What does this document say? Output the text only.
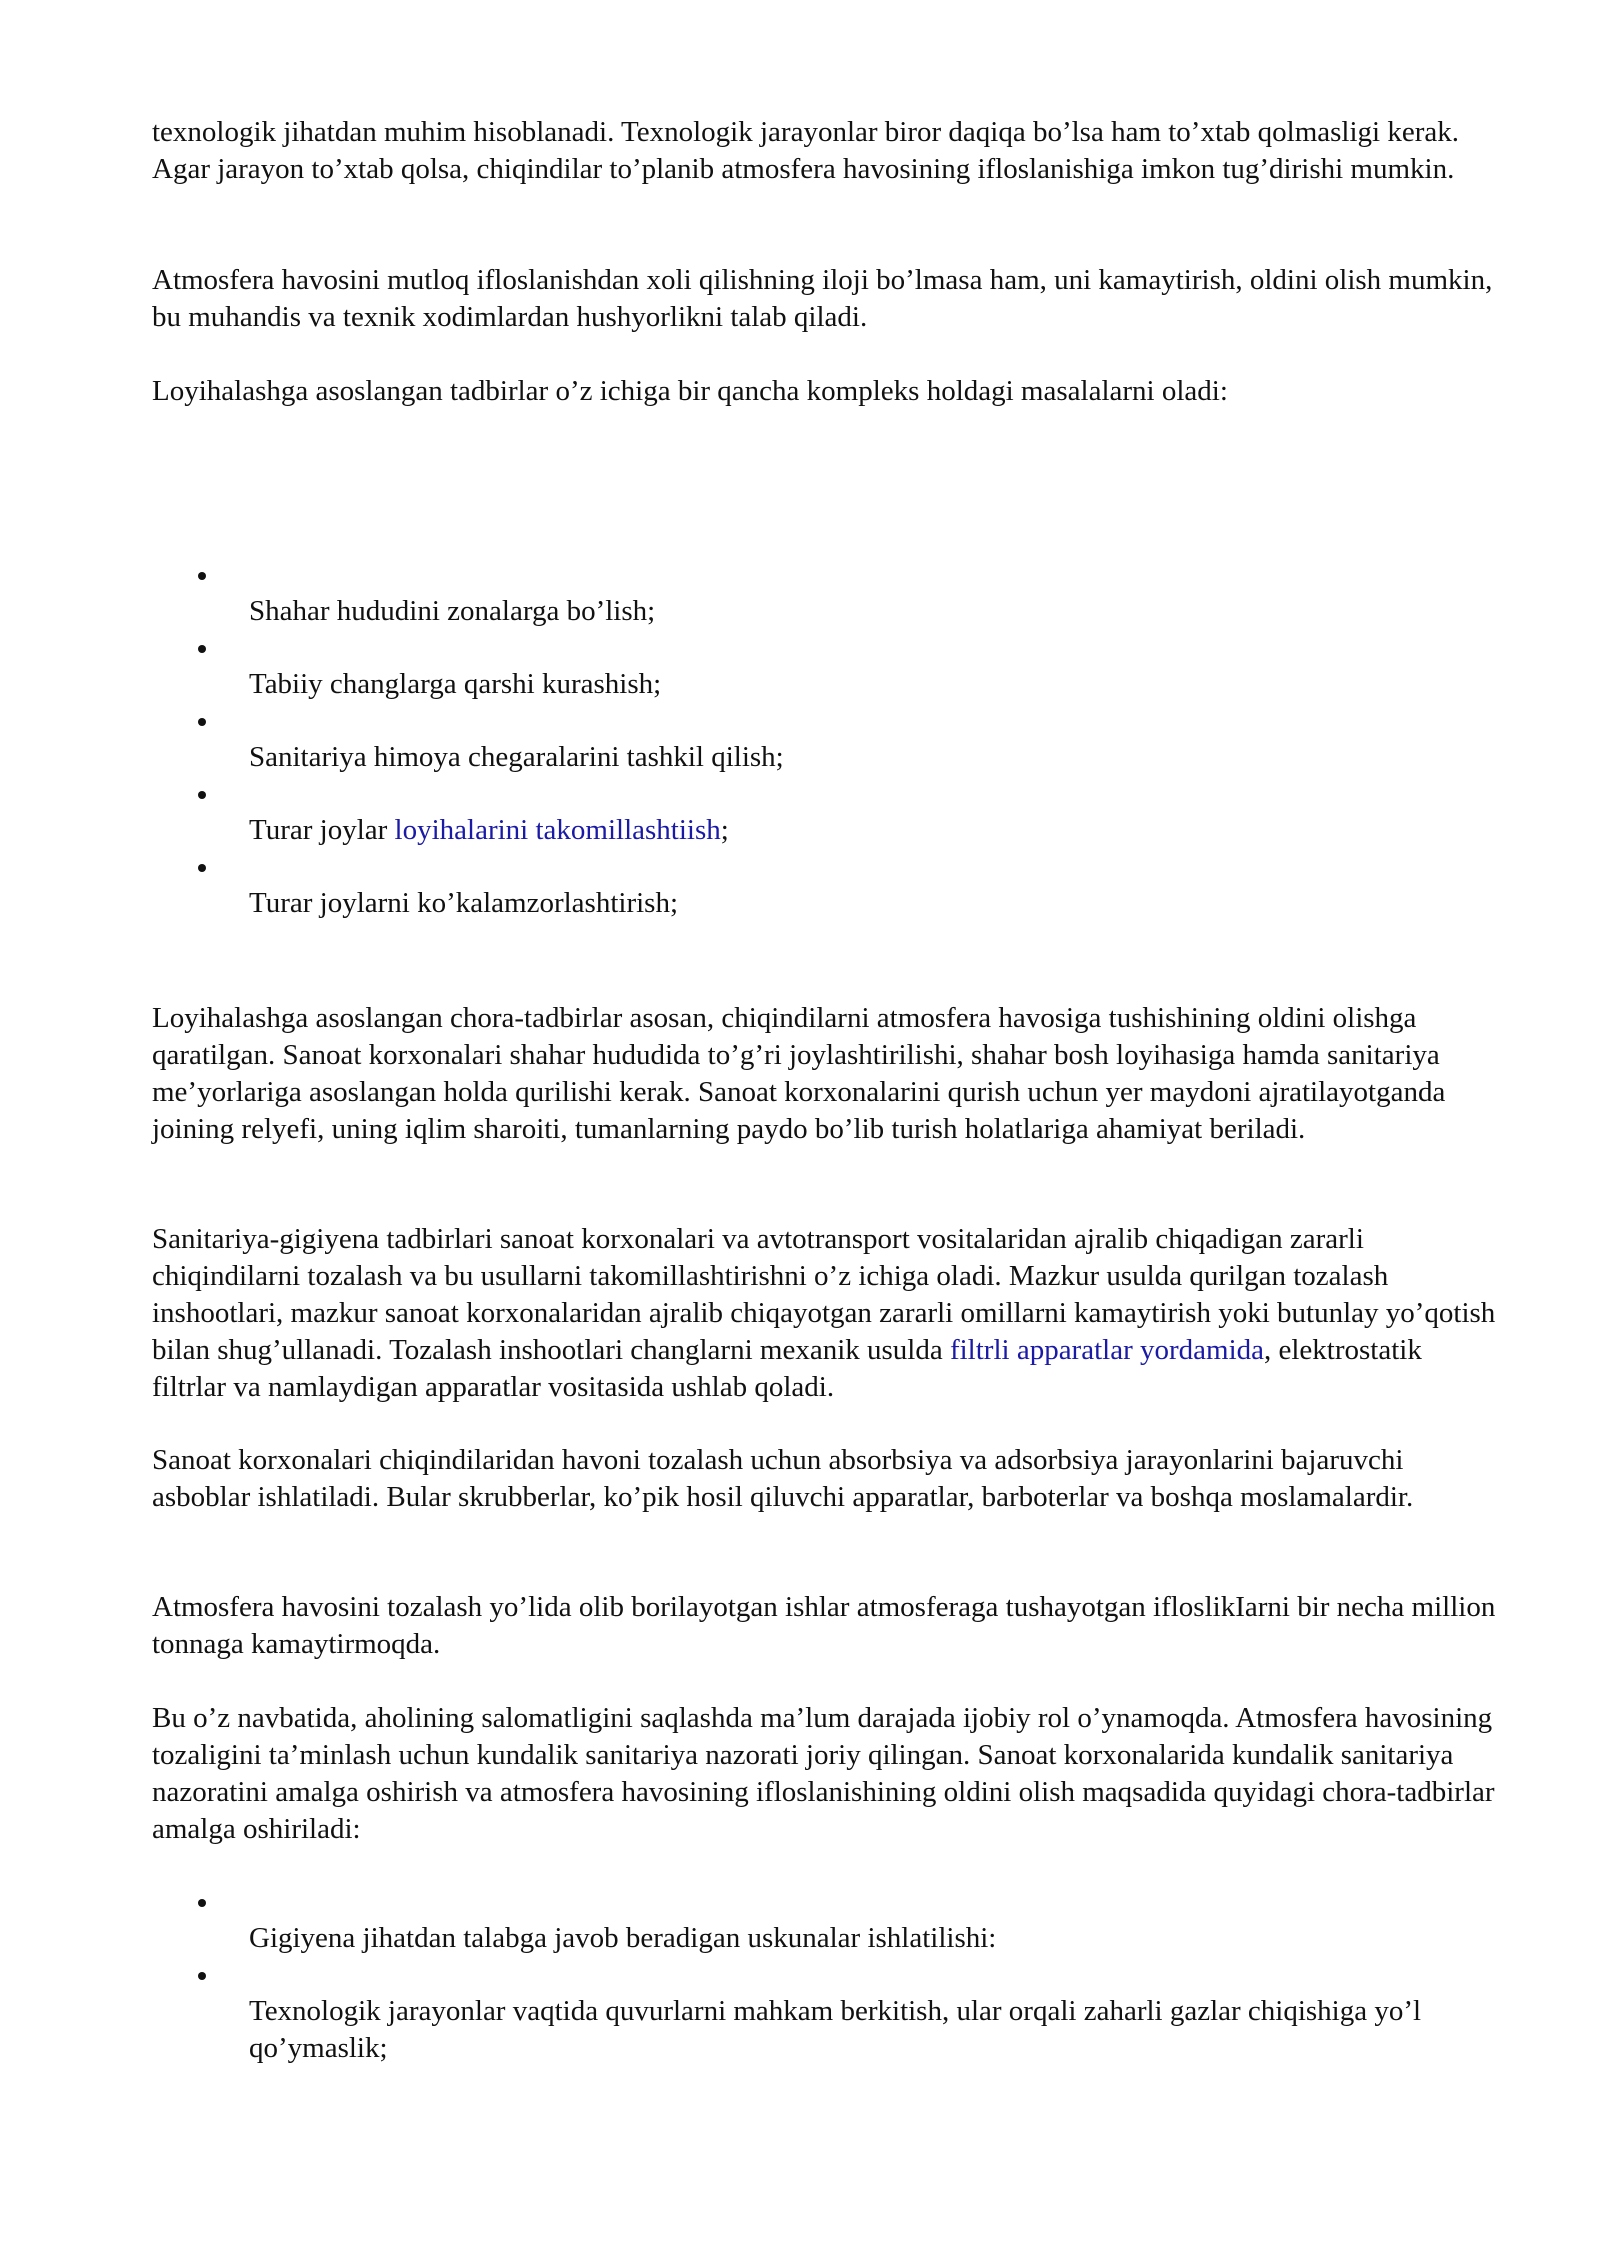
texnologik jihatdan muhim hisoblanadi. Texnologik jarayonlar biror daqiqa bo’lsa ham to’xtab qolmasligi kerak. Agar jarayon to’xtab qolsa, chiqindilar to’planib atmosfera havosining ifloslanishiga imkon tug’dirishi mumkin.

Atmosfera havosini mutloq ifloslanishdan xoli qilishning iloji bo’lmasa ham, uni kamaytirish, oldini olish mumkin, bu muhandis va texnik xodimlardan hushyorlikni talab qiladi.

Loyihalashga asoslangan tadbirlar o’z ichiga bir qancha kompleks holdagi masalalarni oladi:

Shahar hududini zonalarga bo’lish;

Tabiiy changlarga qarshi kurashish;

Sanitariya himoya chegaralarini tashkil qilish;

Turar joylar loyihalarini takomillashtiish;

Turar joylarni ko’kalamzorlashtirish;

Loyihalashga asoslangan chora-tadbirlar asosan, chiqindilarni atmosfera havosiga tushishining oldini olishga qaratilgan. Sanoat korxonalari shahar hududida to’g’ri joylashtirilishi, shahar bosh loyihasiga hamda sanitariya me’yorlariga asoslangan holda qurilishi kerak. Sanoat korxonalarini qurish uchun yer maydoni ajratilayotganda joining relyefi, uning iqlim sharoiti, tumanlarning paydo bo’lib turish holatlariga ahamiyat beriladi.

Sanitariya-gigiyena tadbirlari sanoat korxonalari va avtotransport vositalaridan ajralib chiqadigan zararli chiqindilarni tozalash va bu usullarni takomillashtirishni o’z ichiga oladi. Mazkur usulda qurilgan tozalash inshootlari, mazkur sanoat korxonalaridan ajralib chiqayotgan zararli omillarni kamaytirish yoki butunlay yo’qotish bilan shug’ullanadi. Tozalash inshootlari changlarni mexanik usulda filtrli apparatlar yordamida, elektrostatik filtrlar va namlaydigan apparatlar vositasida ushlab qoladi.

Sanoat korxonalari chiqindilaridan havoni tozalash uchun absorbsiya va adsorbsiya jarayonlarini bajaruvchi asboblar ishlatiladi. Bular skrubberlar, ko’pik hosil qiluvchi apparatlar, barboterlar va boshqa moslamalardir.

Atmosfera havosini tozalash yo’lida olib borilayotgan ishlar atmosferaga tushayotgan ifloslikIarni bir necha million tonnaga kamaytirmoqda.

Bu o’z navbatida, aholining salomatligini saqlashda ma’lum darajada ijobiy rol o’ynamoqda. Atmosfera havosining tozaligini ta’minlash uchun kundalik sanitariya nazorati joriy qilingan. Sanoat korxonalarida kundalik sanitariya nazoratini amalga oshirish va atmosfera havosining ifloslanishining oldini olish maqsadida quyidagi chora-tadbirlar amalga oshiriladi:

Gigiyena jihatdan talabga javob beradigan uskunalar ishlatilishi:

Texnologik jarayonlar vaqtida quvurlarni mahkam berkitish, ular orqali zaharli gazlar chiqishiga yo’l qo’ymaslik;
